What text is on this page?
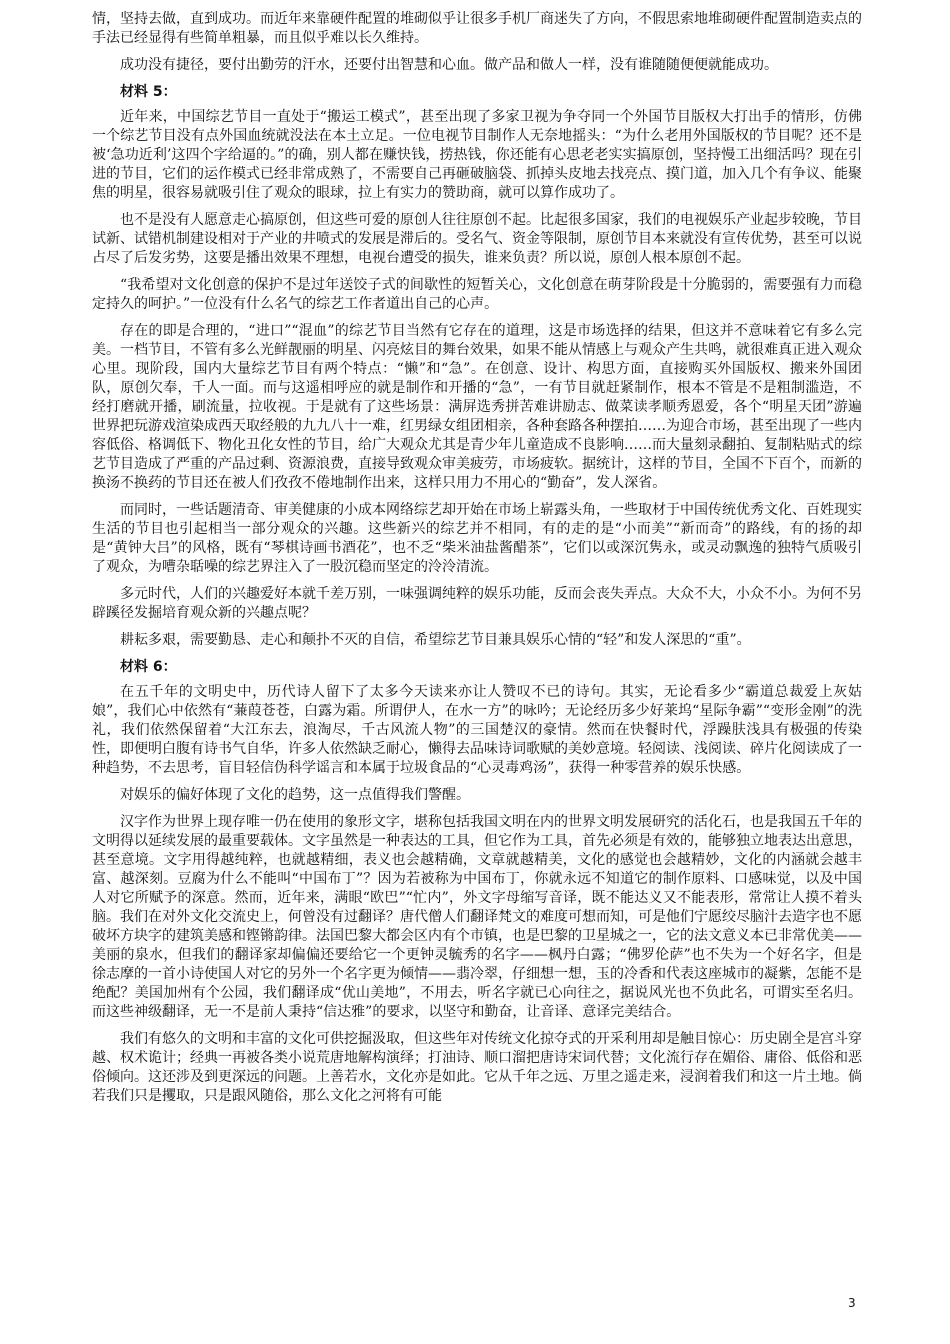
情，坚持去做，直到成功。而近年来靠硬件配置的堆砌似乎让很多手机厂商迷失了方向，不假思索地堆砌硬件配置制造卖点的手法已经显得有些简单粗暴，而且似乎难以长久维持。

成功没有捷径，要付出勤劳的汗水，还要付出智慧和心血。做产品和做人一样，没有谁随随便便就能成功。

材料 5：

近年来，中国综艺节目一直处于“搬运工模式”，甚至出现了多家卫视为争夺同一个外国节目版权大打出手的情形，仿佛一个综艺节目没有点外国血统就没法在本土立足。一位电视节目制作人无奈地摇头：“为什么老用外国版权的节目呢？还不是被‘急功近利’这四个字给逼的。”的确，别人都在赚快钱，捞热钱，你还能有心思老老实实搞原创，坚持慢工出细活吗？现在引进的节目，它们的运作模式已经非常成熟了，不需要自己再砸破脑袋、抓掉头皮地去找亮点、摸门道，加入几个有争议、能聚焦的明星，很容易就吸引住了观众的眼球，拉上有实力的赞助商，就可以算作成功了。

也不是没有人愿意走心搞原创，但这些可爱的原创人往往原创不起。比起很多国家，我们的电视娱乐产业起步较晚，节目试新、试错机制建设相对于产业的井喷式的发展是滞后的。受名气、资金等限制，原创节目本来就没有宣传优势，甚至可以说占尽了后发劣势，这要是播出效果不理想，电视台遭受的损失，谁来负责？所以说，原创人根本原创不起。

“我希望对文化创意的保护不是过年送饺子式的间歇性的短暂关心，文化创意在萌芽阶段是十分脆弱的，需要强有力而稳定持久的呵护。”一位没有什么名气的综艺工作者道出自己的心声。

存在的即是合理的，“进口”“混血”的综艺节目当然有它存在的道理，这是市场选择的结果，但这并不意味着它有多么完美。一档节目，不管有多么光鲜靓丽的明星、闪亮炫目的舞台效果，如果不能从情感上与观众产生共鸣，就很难真正进入观众心里。现阶段，国内大量综艺节目有两个特点：“懒”和“急”。在创意、设计、构思方面，直接购买外国版权、搬来外国团队，原创欠奉，千人一面。而与这遥相呼应的就是制作和开播的“急”，一有节目就赶紧制作，根本不管是不是粗制滥造，不经打磨就开播，刷流量，拉收视。于是就有了这些场景：满屏选秀拼苦难讲励志、做菜读孝顺秀恩爱，各个“明星天团”游遍世界把玩游戏渲染成西天取经般的九九八十一难，红男绿女组团相亲，各种套路各种摆拍……为迎合市场，甚至出现了一些内容低俗、格调低下、物化丑化女性的节目，给广大观众尤其是青少年儿童造成不良影响……而大量刻录翻拍、复制粘贴式的综艺节目造成了严重的产品过剩、资源浪费，直接导致观众审美疲劳，市场疲软。据统计，这样的节目，全国不下百个，而新的换汤不换药的节目还在被人们孜孜不倦地制作出来，这样只用力不用心的“勤奋”，发人深省。

而同时，一些话题清奇、审美健康的小成本网络综艺却开始在市场上崭露头角，一些取材于中国传统优秀文化、百姓现实生活的节目也引起相当一部分观众的兴趣。这些新兴的综艺并不相同，有的走的是“小而美”“新而奇”的路线，有的扬的却是“黄钟大吕”的风格，既有“琴棋诗画书酒花”，也不乏“柴米油盐酱醋茶”，它们以或深沉隽永，或灵动飘逸的独特气质吸引了观众，为嘈杂聒噪的综艺界注入了一股沉稳而坚定的泠泠清流。

多元时代，人们的兴趣爱好本就千差万别，一味强调纯粹的娱乐功能，反而会丧失弄点。大众不大，小众不小。为何不另辟蹊径发掘培育观众新的兴趣点呢？

耕耘多艰，需要勤恳、走心和颠扑不灭的自信，希望综艺节目兼具娱乐心情的“轻”和发人深思的“重”。

材料 6：

在五千年的文明史中，历代诗人留下了太多今天读来亦让人赞叹不已的诗句。其实，无论看多少“霸道总裁爱上灰姑娘”，我们心中依然有“蒹葭苍苍，白露为霜。所谓伊人，在水一方”的咏吟；无论经历多少好莱坞“星际争霸”“变形金刚”的洗礼，我们依然保留着“大江东去，浪淘尽，千古风流人物”的三国楚汉的豪情。然而在快餐时代，浮躁肤浅具有极强的传染性，即便明白腹有诗书气自华，许多人依然缺乏耐心，懒得去品味诗词歌赋的美妙意境。轻阅读、浅阅读、碎片化阅读成了一种趋势，不去思考，盲目轻信伪科学谣言和本属于垃圾食品的“心灵毒鸡汤”，获得一种零营养的娱乐快感。

对娱乐的偏好体现了文化的趋势，这一点值得我们警醒。

汉字作为世界上现存唯一仍在使用的象形文字，堪称包括我国文明在内的世界文明发展研究的活化石，也是我国五千年的文明得以延续发展的最重要载体。文字虽然是一种表达的工具，但它作为工具，首先必须是有效的，能够独立地表达出意思，甚至意境。文字用得越纯粹，也就越精细，表义也会越精确，文章就越精美，文化的感觉也会越精妙，文化的内涵就会越丰富、越深刻。豆腐为什么不能叫“中国布丁”？因为若被称为中国布丁，你就永远不知道它的制作原料、口感味觉，以及中国人对它所赋予的深意。然而，近年来，满眼“欧巴”“忙内”，外文字母缩写音译，既不能达义又不能表形，常常让人摸不着头脑。我们在对外文化交流史上，何曾没有过翻译？唐代僧人们翻译梵文的难度可想而知，可是他们宁愿绞尽脑汁去造字也不愿破坏方块字的建筑美感和铿锵韵律。法国巴黎大都会区内有个市镇，也是巴黎的卫星城之一，它的法文意义本已非常优美——美丽的泉水，但我们的翻译家却偏偏还要给它一个更钟灵毓秀的名字——枫丹白露；“佛罗伦萨”也不失为一个好名字，但是徐志摩的一首小诗使国人对它的另外一个名字更为倾情——翡冷翠，仔细想一想，玉的冷香和代表这座城市的凝紫，怎能不是绝配？美国加州有个公园，我们翻译成“优山美地”，不用去，听名字就已心向往之，据说风光也不负此名，可谓实至名归。而这些神级翻译，无一不是前人秉持“信达雅”的要求，以坚守和勤奋，让音译、意译完美结合。

我们有悠久的文明和丰富的文化可供挖掘汲取，但这些年对传统文化掠夺式的开采利用却是触目惊心：历史剧全是宫斗穿越、权术诡计；经典一再被各类小说荒唐地解构演绎；打油诗、顺口溜把唐诗宋词代替；文化流行存在媚俗、庸俗、低俗和恶俗倾向。这还涉及到更深远的问题。上善若水，文化亦是如此。它从千年之远、万里之遥走来，浸润着我们和这一片土地。倘若我们只是攫取，只是跟风随俗，那么文化之河将有可能

3
